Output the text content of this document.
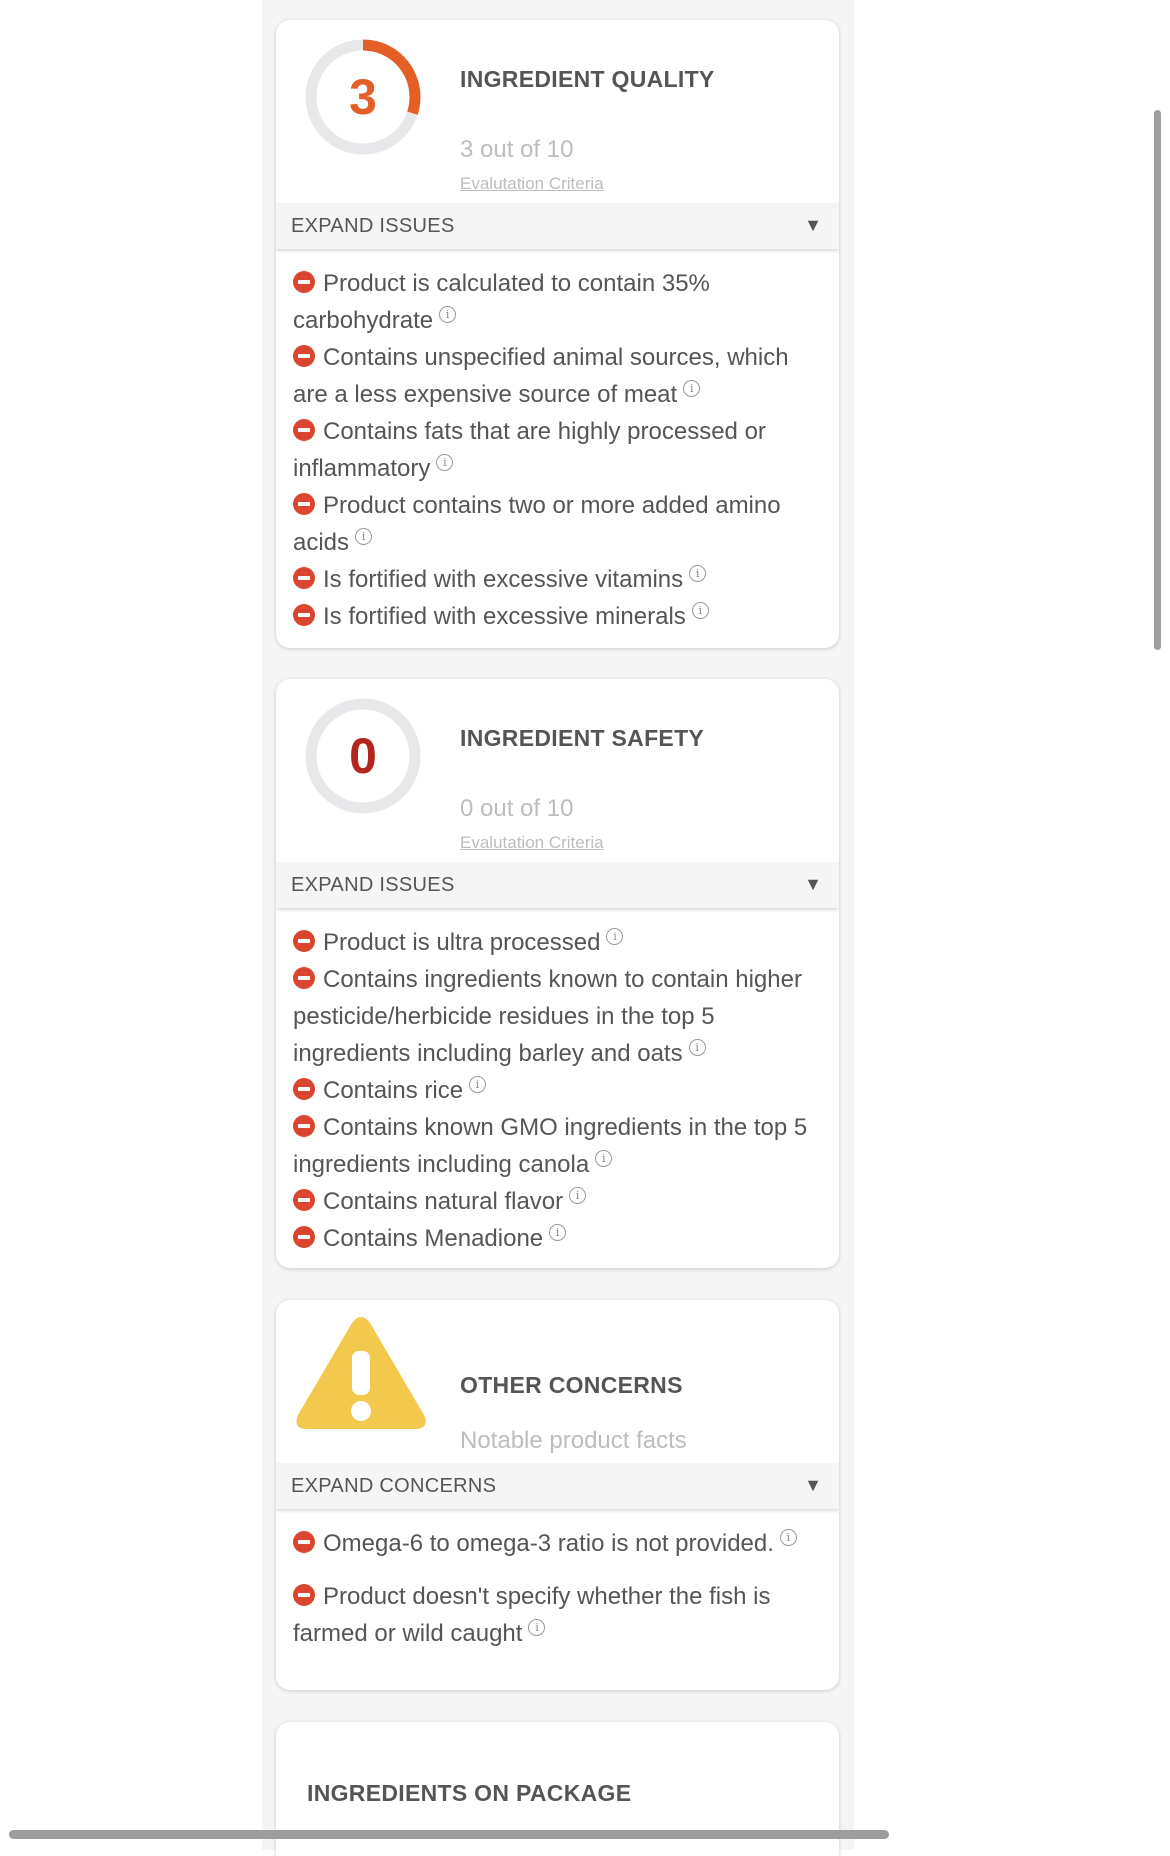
3	INGREDIENT QUALITY
3 out of 10
Evalutation Criteria
EXPAND ISSUES	▼
Product is calculated to contain 35% carbohydrate i
Contains unspecified animal sources, which are a less expensive source of meat i
Contains fats that are highly processed or inflammatory i
Product contains two or more added amino acids i
Is fortified with excessive vitamins i
Is fortified with excessive minerals i
0	INGREDIENT SAFETY
0 out of 10
Evalutation Criteria
EXPAND ISSUES	▼
Product is ultra processed i
Contains ingredients known to contain higher pesticide/herbicide residues in the top 5 ingredients including barley and oats i
Contains rice i
Contains known GMO ingredients in the top 5 ingredients including canola i
Contains natural flavor i
Contains Menadione i
OTHER CONCERNS
Notable product facts
EXPAND CONCERNS	▼
Omega-6 to omega-3 ratio is not provided. i
Product doesn't specify whether the fish is farmed or wild caught i
INGREDIENTS ON PACKAGE
